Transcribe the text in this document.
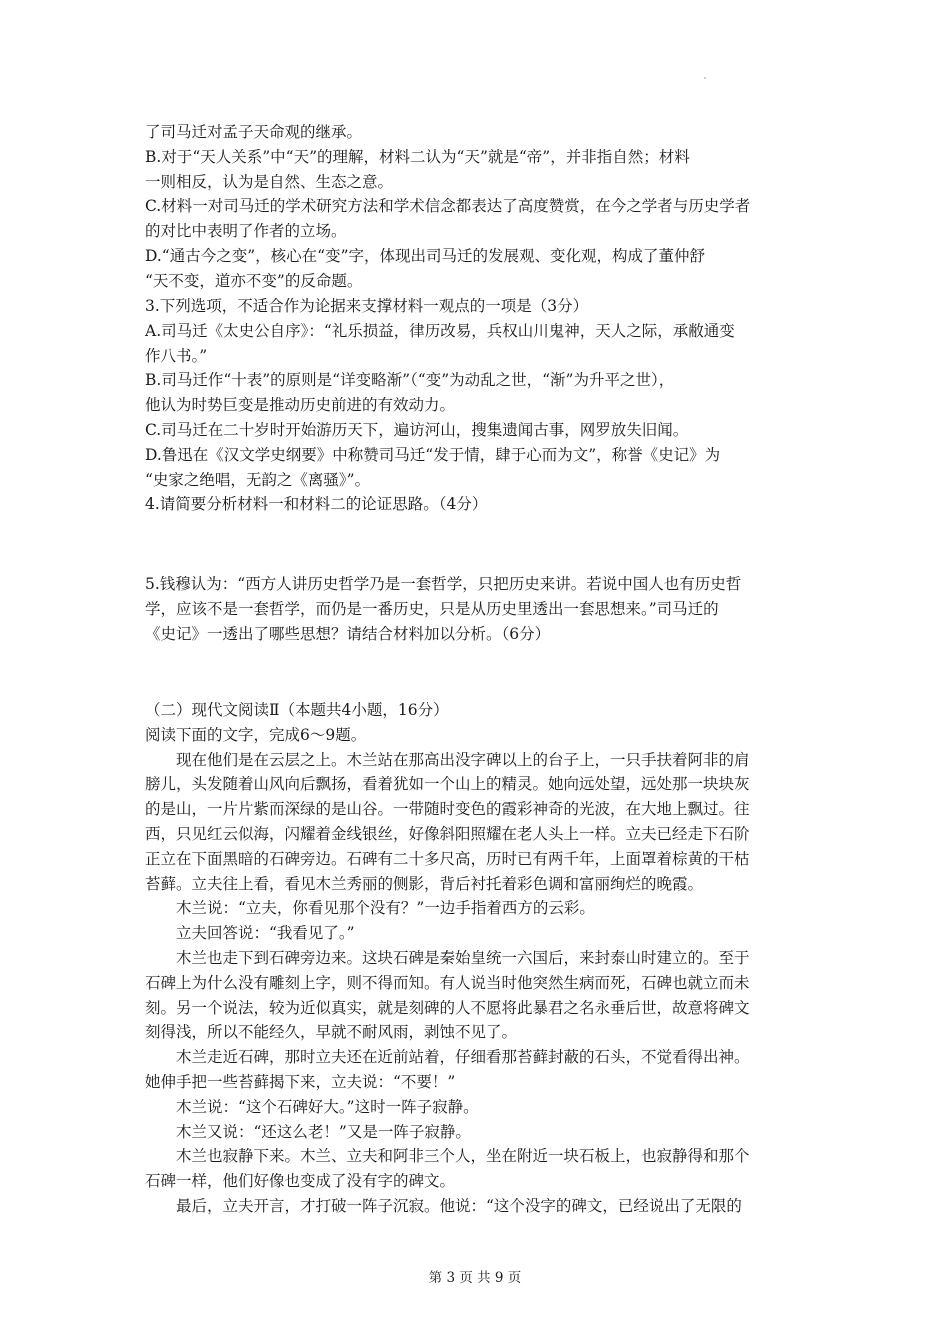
了司马迁对孟子天命观的继承。
B.对于“天人关系”中“天”的理解，材料二认为“天”就是“帝”，并非指自然；材料
一则相反，认为是自然、生态之意。
C.材料一对司马迁的学术研究方法和学术信念都表达了高度赞赏，在今之学者与历史学者
的对比中表明了作者的立场。
D.“通古今之变”，核心在“变”字，体现出司马迁的发展观、变化观，构成了董仲舒
“天不变，道亦不变”的反命题。
3.下列选项，不适合作为论据来支撑材料一观点的一项是（3分）
A.司马迁《太史公自序》：“礼乐损益，律历改易，兵权山川鬼神，天人之际，承敝通变
作八书。”
B.司马迁作“十表”的原则是“详变略渐”（“变”为动乱之世，“渐”为升平之世），
他认为时势巨变是推动历史前进的有效动力。
C.司马迁在二十岁时开始游历天下，遍访河山，搜集遗闻古事，网罗放失旧闻。
D.鲁迅在《汉文学史纲要》中称赞司马迁“发于情，肆于心而为文”，称誉《史记》为
“史家之绝唱，无韵之《离骚》”。
4.请简要分析材料一和材料二的论证思路。（4分）
5.钱穆认为：“西方人讲历史哲学乃是一套哲学，只把历史来讲。若说中国人也有历史哲
学，应该不是一套哲学，而仍是一番历史，只是从历史里透出一套思想来。”司马迁的
《史记》一透出了哪些思想？请结合材料加以分析。（6分）
（二）现代文阅读Ⅱ（本题共4小题，16分）
阅读下面的文字，完成6～9题。
现在他们是在云层之上。木兰站在那高出没字碑以上的台子上，一只手扶着阿非的肩
膀儿，头发随着山风向后飘扬，看着犹如一个山上的精灵。她向远处望，远处那一块块灰
的是山，一片片紫而深绿的是山谷。一带随时变色的霞彩神奇的光波，在大地上飘过。往
西，只见红云似海，闪耀着金线银丝，好像斜阳照耀在老人头上一样。立夫已经走下石阶
正立在下面黑暗的石碑旁边。石碑有二十多尺高，历时已有两千年，上面罩着棕黄的干枯
苔藓。立夫往上看，看见木兰秀丽的侧影，背后衬托着彩色调和富丽绚烂的晚霞。
木兰说：“立夫，你看见那个没有？”一边手指着西方的云彩。
立夫回答说：“我看见了。”
木兰也走下到石碑旁边来。这块石碑是秦始皇统一六国后，来封泰山时建立的。至于
石碑上为什么没有雕刻上字，则不得而知。有人说当时他突然生病而死，石碑也就立而未
刻。另一个说法，较为近似真实，就是刻碑的人不愿将此暴君之名永垂后世，故意将碑文
刻得浅，所以不能经久，早就不耐风雨，剥蚀不见了。
木兰走近石碑，那时立夫还在近前站着，仔细看那苔藓封蔽的石头，不觉看得出神。
她伸手把一些苔藓揭下来，立夫说：“不要！”
木兰说：“这个石碑好大。”这时一阵子寂静。
木兰又说：“还这么老！”又是一阵子寂静。
木兰也寂静下来。木兰、立夫和阿非三个人，坐在附近一块石板上，也寂静得和那个
石碑一样，他们好像也变成了没有字的碑文。
最后，立夫开言，才打破一阵子沉寂。他说：“这个没字的碑文，已经说出了无限的
第 3 页 共 9 页
